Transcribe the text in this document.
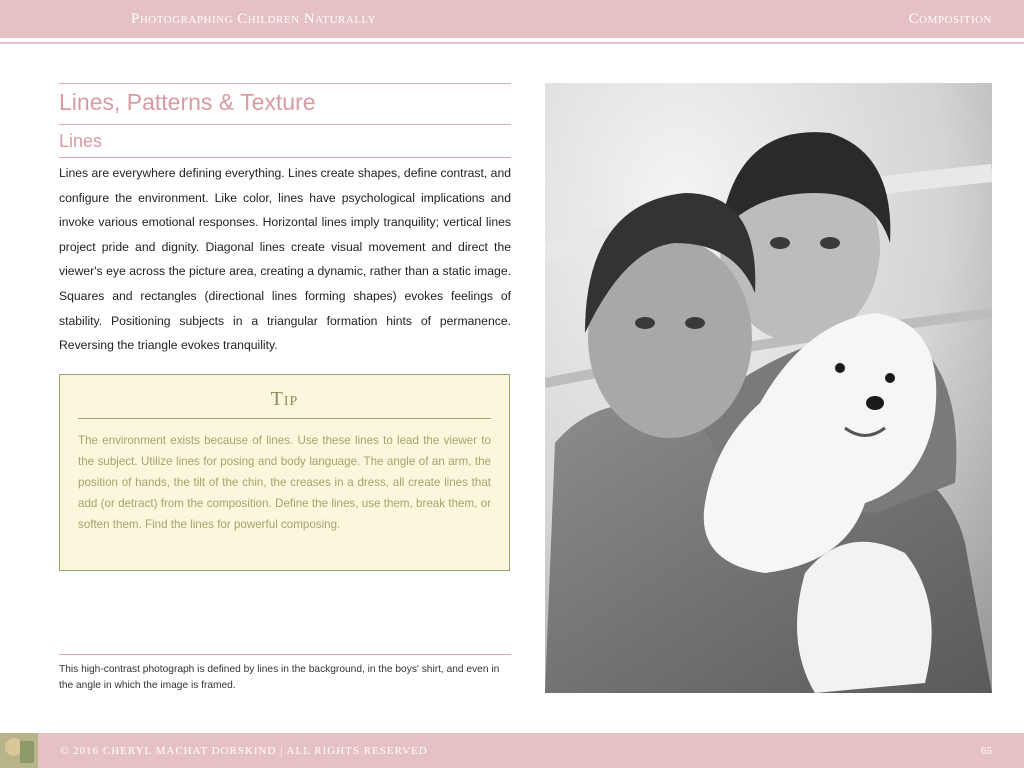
Photographing Children Naturally	Composition
Lines, Patterns & Texture
Lines

Lines are everywhere defining everything. Lines create shapes, define contrast, and configure the environment. Like color, lines have psychological implications and invoke various emotional responses. Horizontal lines imply tranquility; vertical lines project pride and dignity. Diagonal lines create visual movement and direct the viewer's eye across the picture area, creating a dynamic, rather than a static image. Squares and rectangles (directional lines forming shapes) evokes feelings of stability. Positioning subjects in a triangular formation hints of permanence. Reversing the triangle evokes tranquility.

Tip

The environment exists because of lines. Use these lines to lead the viewer to the subject. Utilize lines for posing and body language. The angle of an arm, the position of hands, the tilt of the chin, the creases in a dress, all create lines that add (or detract) from the composition. Define the lines, use them, break them, or soften them. Find the lines for powerful composing.

This high-contrast photograph is defined by lines in the background, in the boys' shirt, and even in the angle in which the image is framed.

© 2016 CHERYL MACHAT DORSKIND | ALL RIGHTS RESERVED	65
